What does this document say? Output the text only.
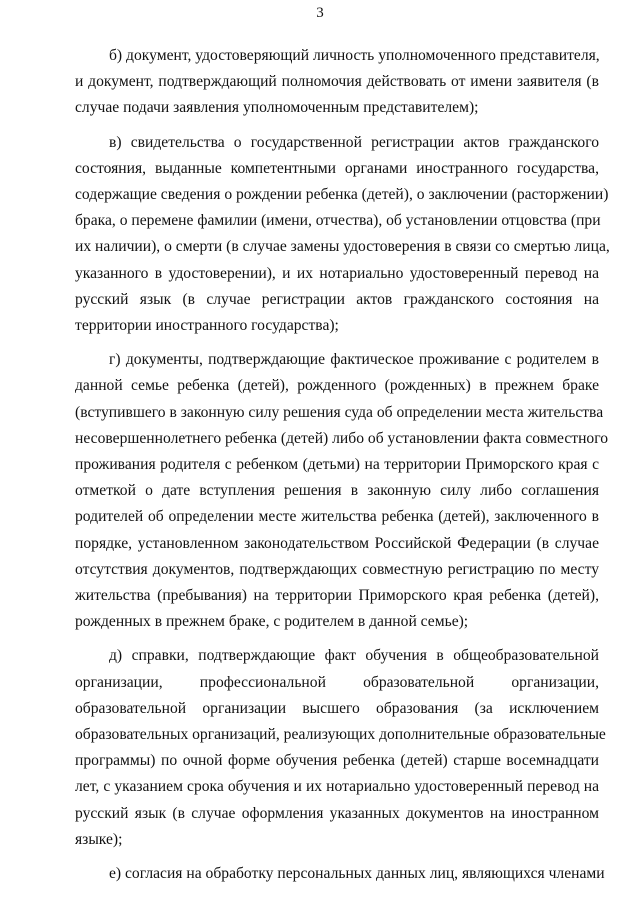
3

б) документ, удостоверяющий личность уполномоченного представителя,
и документ, подтверждающий полномочия действовать от имени заявителя (в
случае подачи заявления уполномоченным представителем);

в) свидетельства о государственной регистрации актов гражданского
состояния, выданные компетентными органами иностранного государства,
содержащие сведения о рождении ребенка (детей), о заключении (расторжении)
брака, о перемене фамилии (имени, отчества), об установлении отцовства (при
их наличии), о смерти (в случае замены удостоверения в связи со смертью лица,
указанного в удостоверении), и их нотариально удостоверенный перевод на
русский язык (в случае регистрации актов гражданского состояния на
территории иностранного государства);

г) документы, подтверждающие фактическое проживание с родителем в
данной семье ребенка (детей), рожденного (рожденных) в прежнем браке
(вступившего в законную силу решения суда об определении места жительства
несовершеннолетнего ребенка (детей) либо об установлении факта совместного
проживания родителя с ребенком (детьми) на территории Приморского края с
отметкой о дате вступления решения в законную силу либо соглашения
родителей об определении месте жительства ребенка (детей), заключенного в
порядке, установленном законодательством Российской Федерации (в случае
отсутствия документов, подтверждающих совместную регистрацию по месту
жительства (пребывания) на территории Приморского края ребенка (детей),
рожденных в прежнем браке, с родителем в данной семье);

д) справки, подтверждающие факт обучения в общеобразовательной
организации, профессиональной образовательной организации,
образовательной организации высшего образования (за исключением
образовательных организаций, реализующих дополнительные образовательные
программы) по очной форме обучения ребенка (детей) старше восемнадцати
лет, с указанием срока обучения и их нотариально удостоверенный перевод на
русский язык (в случае оформления указанных документов на иностранном
языке);

е) согласия на обработку персональных данных лиц, являющихся членами
